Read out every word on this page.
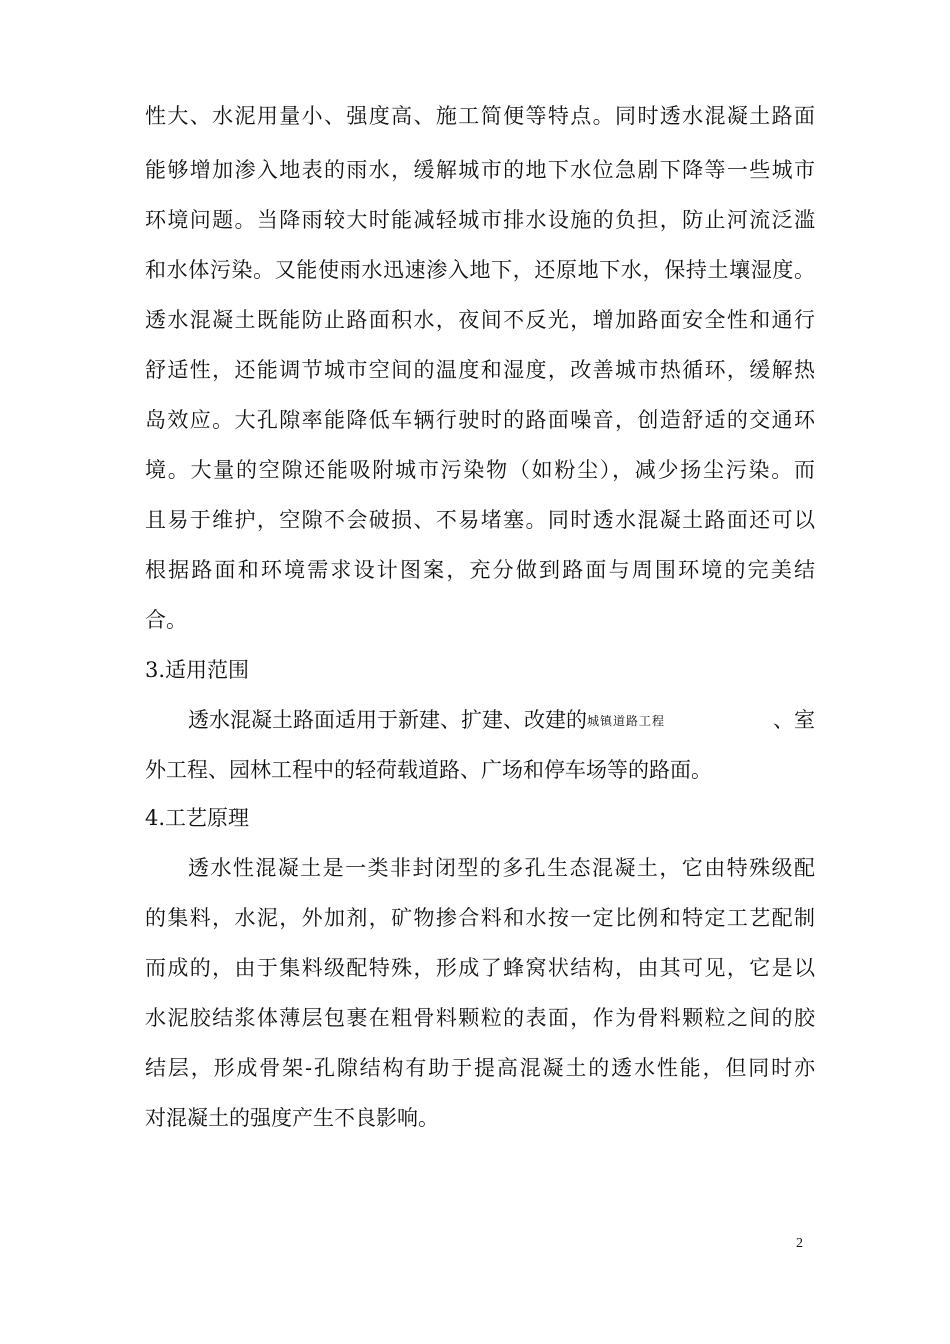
性大、水泥用量小、强度高、施工简便等特点。同时透水混凝土路面
能够增加渗入地表的雨水，缓解城市的地下水位急剧下降等一些城市
环境问题。当降雨较大时能减轻城市排水设施的负担，防止河流泛滥
和水体污染。又能使雨水迅速渗入地下，还原地下水，保持土壤湿度。
透水混凝土既能防止路面积水，夜间不反光，增加路面安全性和通行
舒适性，还能调节城市空间的温度和湿度，改善城市热循环，缓解热
岛效应。大孔隙率能降低车辆行驶时的路面噪音，创造舒适的交通环
境。大量的空隙还能吸附城市污染物（如粉尘），减少扬尘污染。而
且易于维护，空隙不会破损、不易堵塞。同时透水混凝土路面还可以
根据路面和环境需求设计图案，充分做到路面与周围环境的完美结
合。
3.适用范围
透水混凝土路面适用于新建、扩建、改建的城镇道路工程	、室
外工程、园林工程中的轻荷载道路、广场和停车场等的路面。
4.工艺原理
透水性混凝土是一类非封闭型的多孔生态混凝土，它由特殊级配
的集料，水泥，外加剂，矿物掺合料和水按一定比例和特定工艺配制
而成的，由于集料级配特殊，形成了蜂窝状结构，由其可见，它是以
水泥胶结浆体薄层包裹在粗骨料颗粒的表面，作为骨料颗粒之间的胶
结层，形成骨架-孔隙结构有助于提高混凝土的透水性能，但同时亦
对混凝土的强度产生不良影响。
2
